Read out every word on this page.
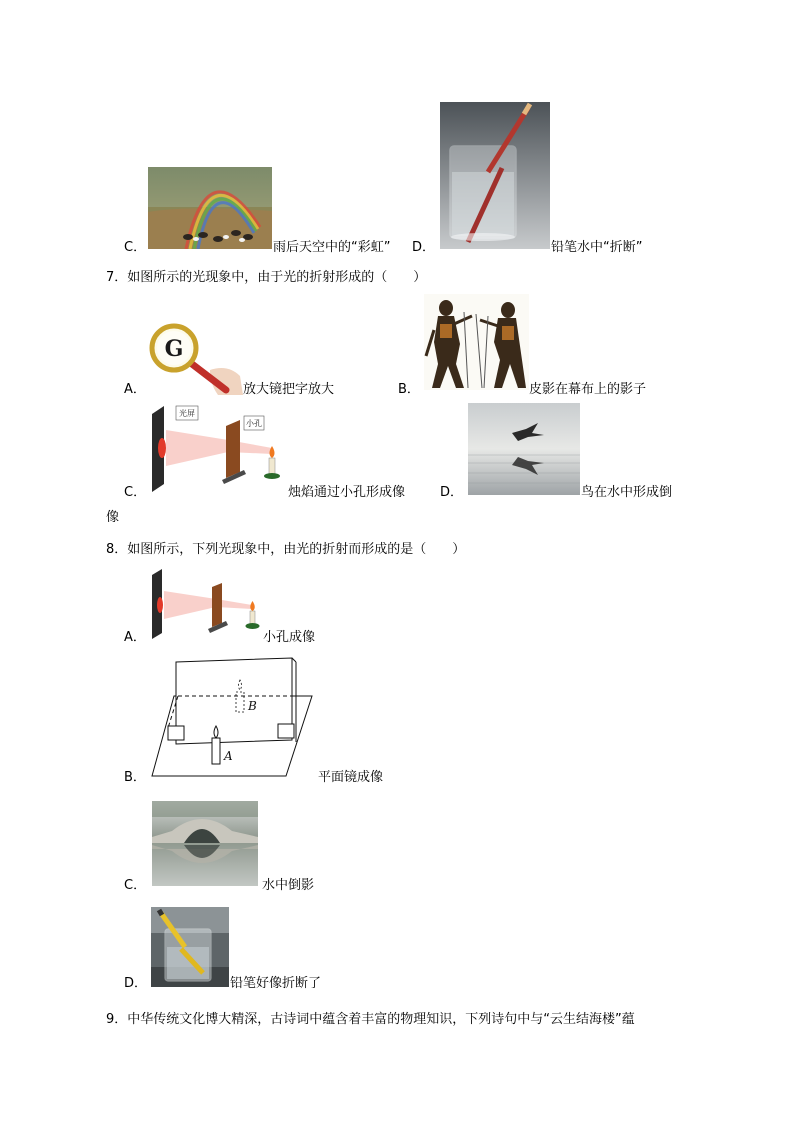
C．	雨后天空中的“彩虹” D．	铅笔水中“折断”
7．如图所示的光现象中，由于光的折射形成的（　　）
G
A．	放大镜把字放大	B．	皮影在幕布上的影子
光屏
小孔
C．	烛焰通过小孔形成像	D．	鸟在水中形成倒
像
8．如图所示，下列光现象中，由光的折射而形成的是（　　）
A．	小孔成像
B
A
B．	平面镜成像
C．	水中倒影
D．	铅笔好像折断了
9．中华传统文化博大精深，古诗词中蕴含着丰富的物理知识，下列诗句中与“云生结海楼”蕴
